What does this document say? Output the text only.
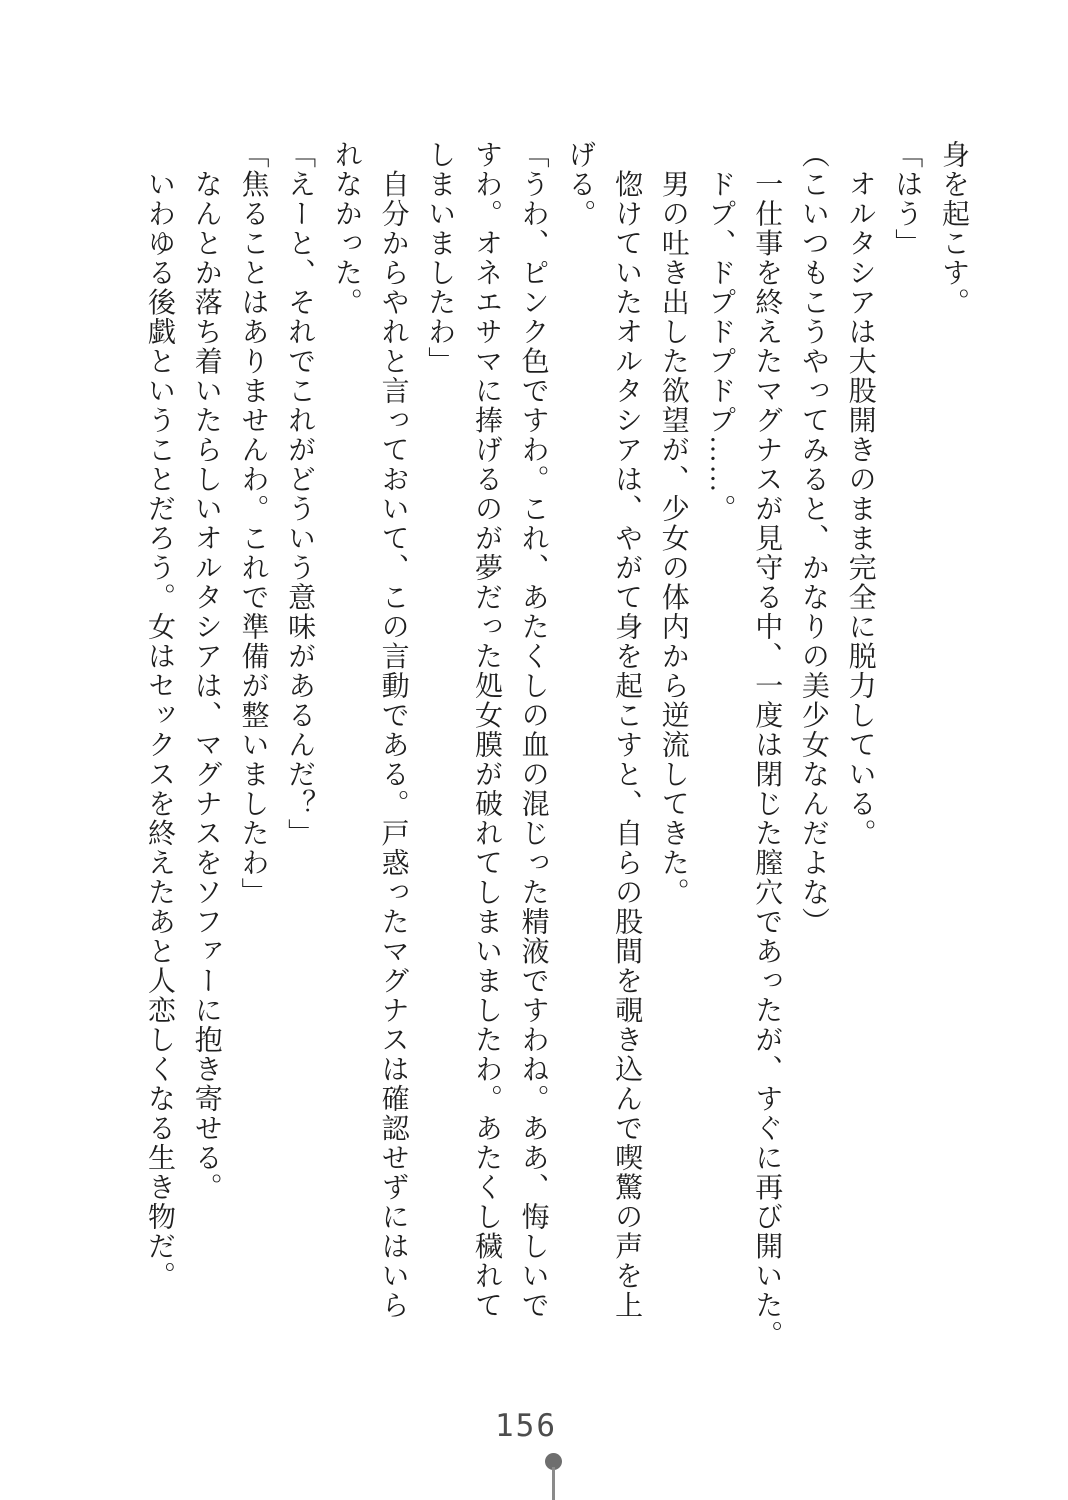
身を起こす。
「はう」
　オルタシアは大股開きのまま完全に脱力している。
（こいつもこうやってみると、かなりの美少女なんだよな）
　一仕事を終えたマグナスが見守る中、一度は閉じた膣穴であったが、すぐに再び開いた。
　ドプ、ドプドプドプ……。
　男の吐き出した欲望が、少女の体内から逆流してきた。
　惚けていたオルタシアは、やがて身を起こすと、自らの股間を覗き込んで喫驚の声を上
げる。
「うわ、ピンク色ですわ。これ、あたくしの血の混じった精液ですわね。ああ、悔しいで
すわ。オネエサマに捧げるのが夢だった処女膜が破れてしまいましたわ。あたくし穢れて
しまいましたわ」
　自分からやれと言っておいて、この言動である。戸惑ったマグナスは確認せずにはいら
れなかった。
「えーと、それでこれがどういう意味があるんだ？」
「焦ることはありませんわ。これで準備が整いましたわ」
　なんとか落ち着いたらしいオルタシアは、マグナスをソファーに抱き寄せる。
　いわゆる後戯ということだろう。女はセックスを終えたあと人恋しくなる生き物だ。
156
